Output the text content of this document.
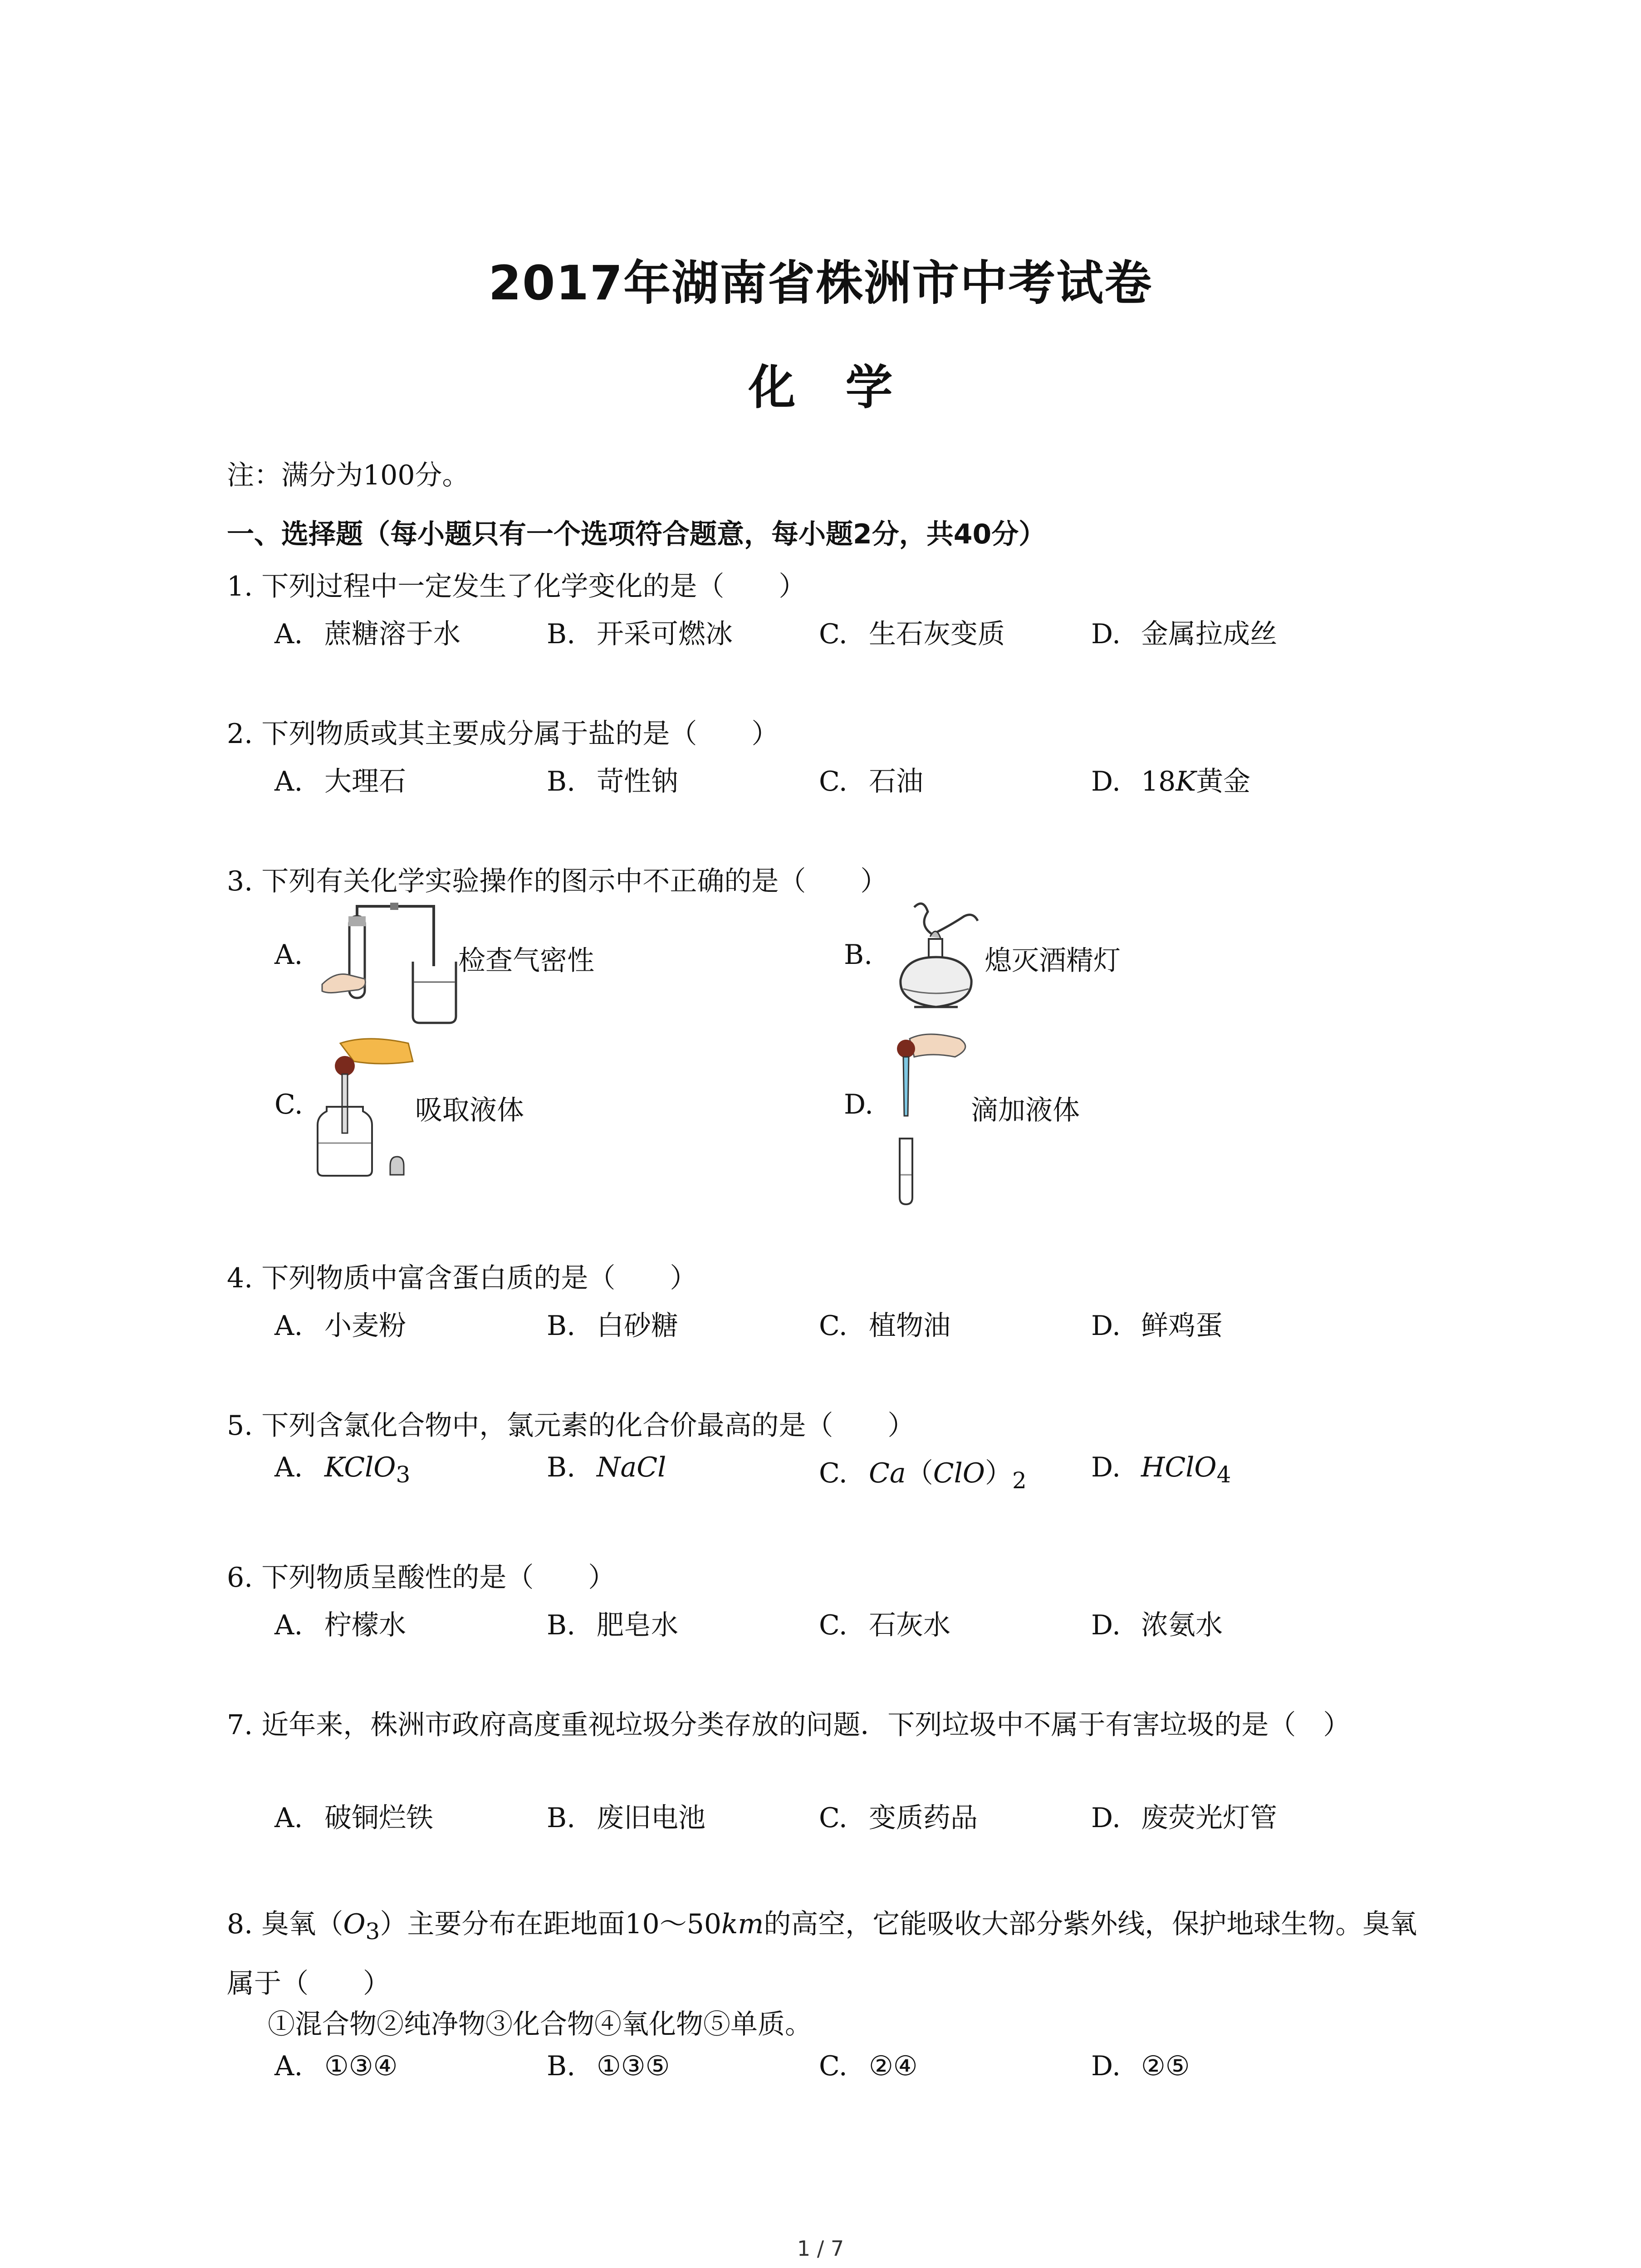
2017年湖南省株洲市中考试卷
化学
注：满分为100分。
一、选择题（每小题只有一个选项符合题意，每小题2分，共40分）
1. 下列过程中一定发生了化学变化的是（　　）
A. 蔗糖溶于水	B. 开采可燃冰	C. 生石灰变质	D. 金属拉成丝
2. 下列物质或其主要成分属于盐的是（　　）
A. 大理石	B. 苛性钠	C. 石油	D. 18K黄金
3. 下列有关化学实验操作的图示中不正确的是（　　）
A.	检查气密性	B.	熄灭酒精灯
C.	吸取液体	D.	滴加液体
4. 下列物质中富含蛋白质的是（　　）
A. 小麦粉	B. 白砂糖	C. 植物油	D. 鲜鸡蛋
5. 下列含氯化合物中，氯元素的化合价最高的是（　　）
A. KClO$_3$	B. NaCl	C. $Ca(ClO)_2$ D. HClO$_4$
6. 下列物质呈酸性的是（　　）
A. 柠檬水	B. 肥皂水	C. 石灰水	D. 浓氨水
7. 近年来，株洲市政府高度重视垃圾分类存放的问题．下列垃圾中不属于有害垃圾的是（　）
A. 破铜烂铁	B. 废旧电池	C. 变质药品	D. 废荧光灯管
8. 臭氧$(O_3)$主要分布在距地面10～50km的高空，它能吸收大部分紫外线，保护地球生物。臭氧属于（　　）
①混合物②纯净物③化合物④氧化物⑤单质。
A. ①③④	B. ①③⑤	C. ②④	D. ②⑤
1 / 7
